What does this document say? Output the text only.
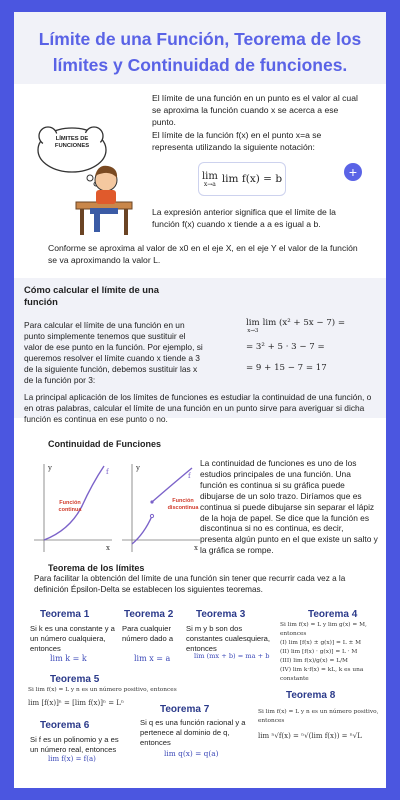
Límite de una Función, Teorema de los límites y Continuidad de funciones.
LÍMITES DE FUNCIONES
El límite de una función en un punto es el valor al cual se aproxima la función cuando x se acerca a ese punto.
El límite de la función f(x) en el punto x=a se representa utilizando la siguiente notación:
lim
x→a lim f(x) = b	+
La expresión anterior significa que el límite de la función f(x) cuando x tiende a a es igual a b.
Conforme se aproxima al valor de x0 en el eje X, en el eje Y el valor de la función se va aproximando la valor L.
Cómo calcular el límite de una función
Para calcular el límite de una función en un punto simplemente tenemos que sustituir el valor de ese punto en la función. Por ejemplo, si queremos resolver el límite cuando x tiende a 3 de la siguiente función, debemos sustituir las x de la función por 3:
lim
x→3
lim (x² + 5x − 7) =
= 3² + 5 · 3 − 7 =
= 9 + 15 − 7 = 17
La principal aplicación de los límites de funciones es estudiar la continuidad de una función, o en otras palabras, calcular el límite de una función en un punto sirve para averiguar si dicha función es continua en ese punto o no.
Continuidad de Funciones
y
x
f
Función continua
y
x
f
Función discontinua
La continuidad de funciones es uno de los estudios principales de una función. Una función es continua si su gráfica puede dibujarse de un solo trazo. Diríamos que es continua si puede dibujarse sin separar el lápiz de la hoja de papel. Se dice que la función es discontinua si no es continua, es decir, presenta algún punto en el que existe un salto y la gráfica se rompe.
Teorema de los límites
Para facilitar la obtención del límite de una función sin tener que recurrir cada vez a la definición Épsilon-Delta se establecen los siguientes teoremas.
Teorema 1
Si k es una constante y a un número cualquiera, entonces
lim k = k
Teorema 2
Para cualquier número dado a
lim x = a
Teorema 3
Si m y b son dos constantes cualesquiera, entonces
lim (mx + b) = ma + b
Teorema 4
Si lim f(x) = L y lim g(x) = M, entonces
(I) lim [f(x) ± g(x)] = L ± M
(II) lim [f(x) · g(x)] = L · M
(III) lim f(x)/g(x) = L/M
(IV) lim k·f(x) = kL, k es una constante
Teorema 5
Si lim f(x) = L y n es un número positivo, entonces
lim [f(x)]ⁿ = [lim f(x)]ⁿ = Lⁿ
Teorema 6
Si f es un polinomio y a es un número real, entonces
lim f(x) = f(a)
Teorema 7
Si q es una función racional y a pertenece al dominio de q, entonces
lim q(x) = q(a)
Teorema 8
Si lim f(x) = L y n es un número positivo, entonces
lim ⁿ√f(x) = ⁿ√(lim f(x)) = ⁿ√L
